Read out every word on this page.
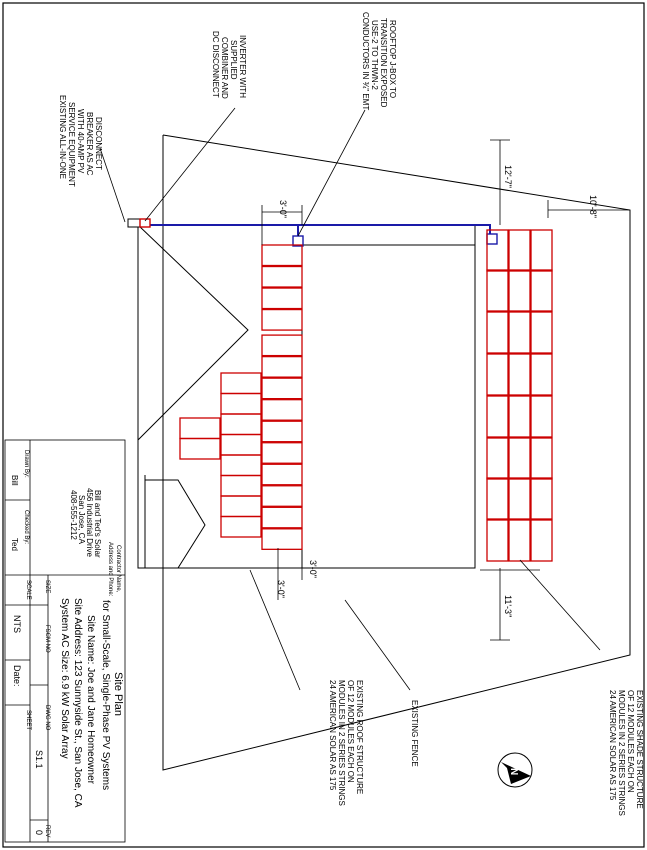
3'-0"
12'-7"
10'-8"
3'-0"
3'-0"
11'-3"
EXISTING ALL-IN-ONE SERVICE EQUIPMENT WITH 40-AMP PV BREAKER AS AC DISCONNECT
INVERTER WITH
SUPPLIED
COMBINER AND
DC DISCONNECT	ROOFTOP J-BOX TO
TRANSITION EXPOSED
USE-2 TO THWN-2
CONDUCTORS IN ¾" EMT
24 AMERICAN SOLAR AS 175 MODULES IN 2 SERIES STRINGS OF 12 MODULES EACH ON EXISTING SHADE STRUCTURE
EXISTING FENCE
24 AMERICAN SOLAR AS 175 MODULES IN 2 SERIES STRINGS OF 12 MODULES EACH ON EXISTING ROOF STRUCTURE	N
Contractor Name,
Address and Phone:
Drawn By:
Checked By:
SIZE
FSCM NO
DWG NO
REV
SCALE
SHEET
Bill and Ted's Solar
456 Industrial Drive
San Jose, CA
408-555-1212
Bill
Ted
NTS
Date:
S1.1
0
Site Plan
for Small-Scale, Single-Phase PV Systems
Site Name: Joe and Jane Homeowner
Site Address: 123 Sunnyside St., San Jose, CA
System AC Size: 6.9 kW Solar Array
